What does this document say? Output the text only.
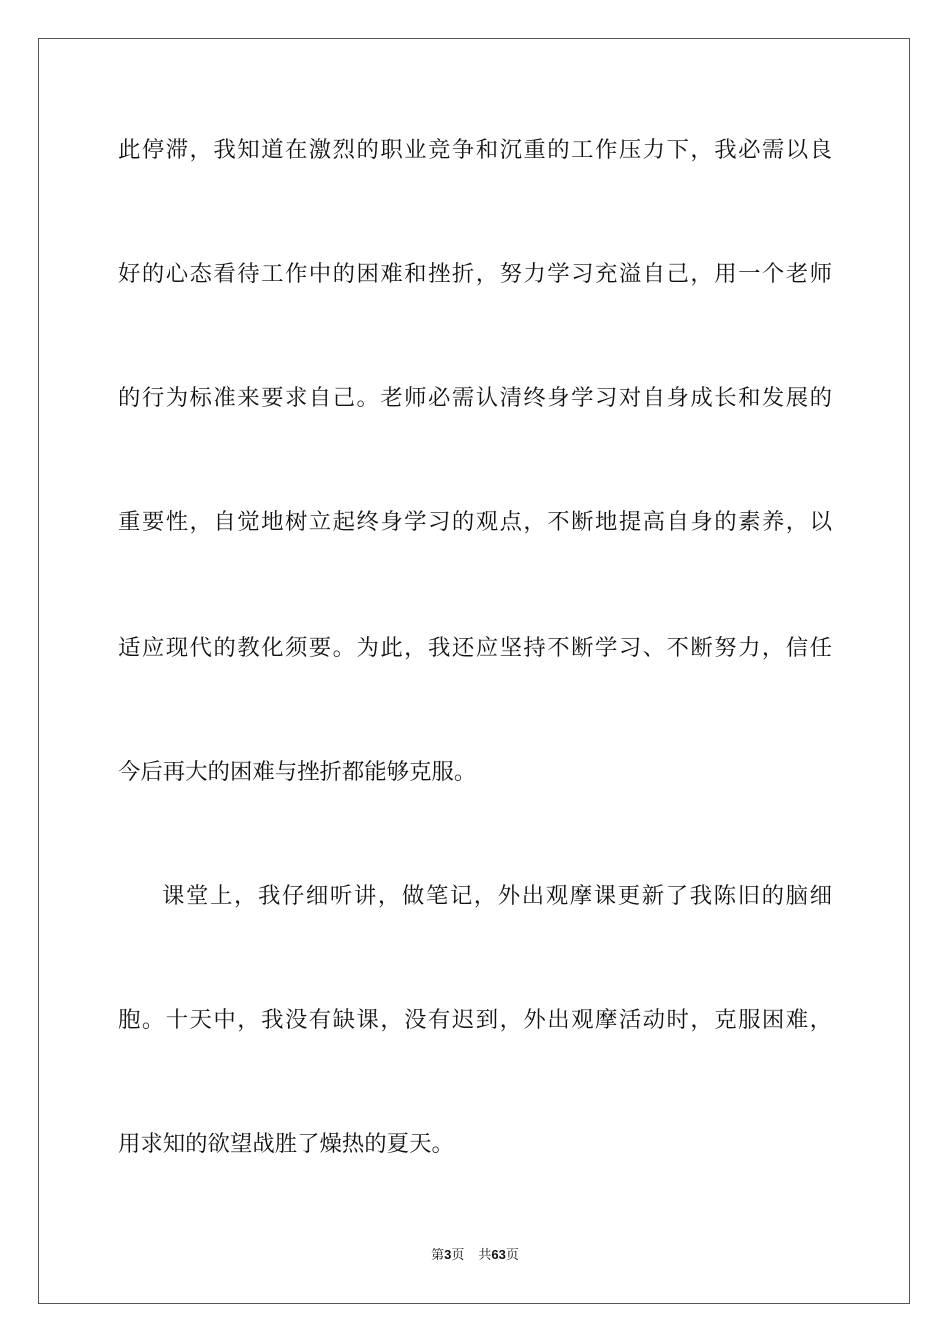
此停滞，我知道在激烈的职业竞争和沉重的工作压力下，我必需以良
好的心态看待工作中的困难和挫折，努力学习充溢自己，用一个老师
的行为标准来要求自己。老师必需认清终身学习对自身成长和发展的
重要性，自觉地树立起终身学习的观点，不断地提高自身的素养，以
适应现代的教化须要。为此，我还应坚持不断学习、不断努力，信任
今后再大的困难与挫折都能够克服。
课堂上，我仔细听讲，做笔记，外出观摩课更新了我陈旧的脑细
胞。十天中，我没有缺课，没有迟到，外出观摩活动时，克服困难，
用求知的欲望战胜了燥热的夏天。
第3页 共63页
